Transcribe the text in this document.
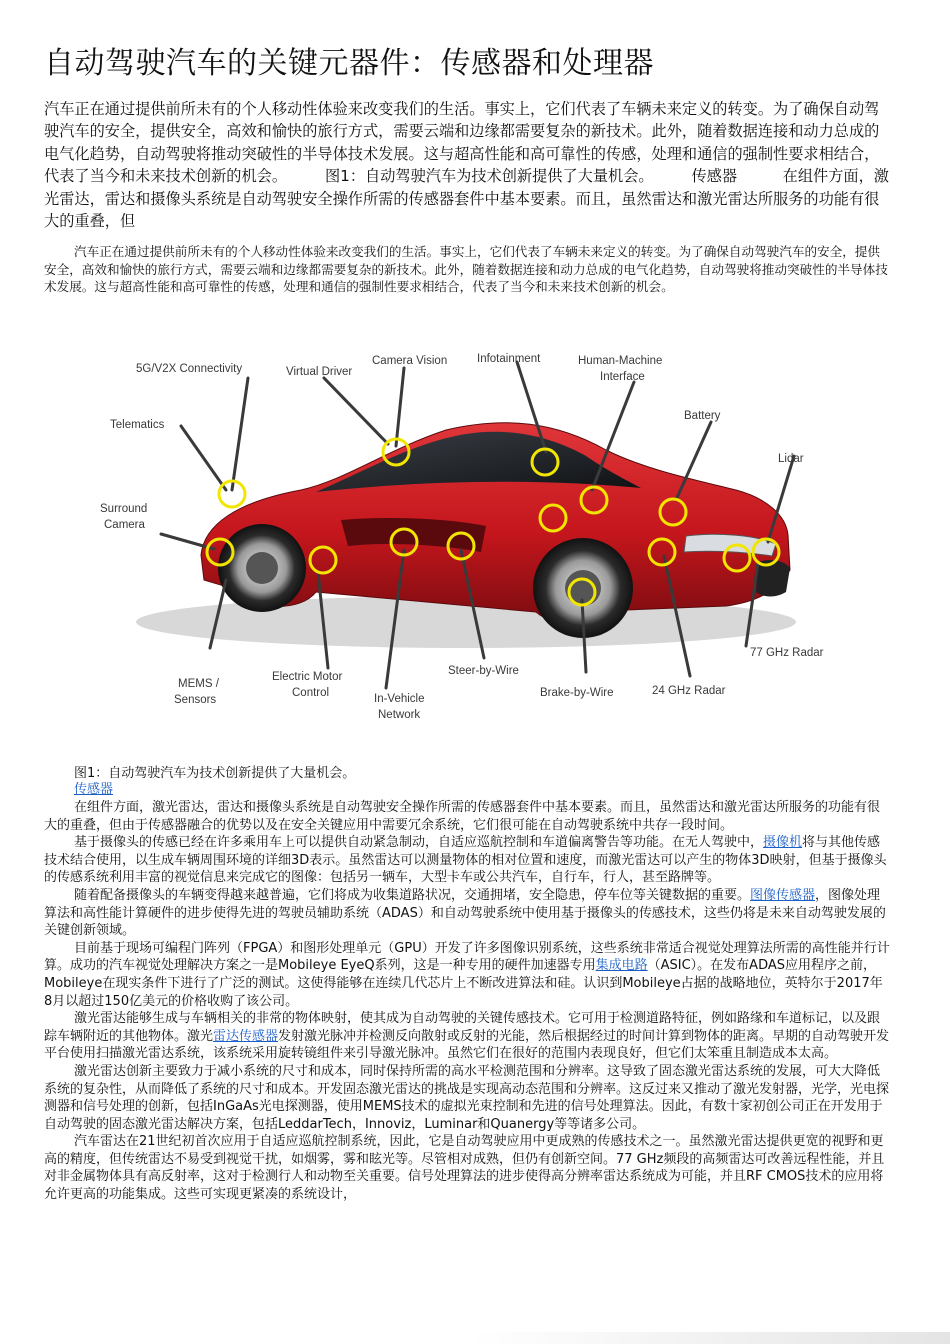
自动驾驶汽车的关键元器件：传感器和处理器

汽车正在通过提供前所未有的个人移动性体验来改变我们的生活。事实上，它们代表了车辆未来定义的转变。为了确保自动驾驶汽车的安全，提供安全，高效和愉快的旅行方式，需要云端和边缘都需要复杂的新技术。此外，随着数据连接和动力总成的电气化趋势，自动驾驶将推动突破性的半导体技术发展。这与超高性能和高可靠性的传感，处理和通信的强制性要求相结合，代表了当今和未来技术创新的机会。　　　图1：自动驾驶汽车为技术创新提供了大量机会。　　　传感器　　　在组件方面，激光雷达，雷达和摄像头系统是自动驾驶安全操作所需的传感器套件中基本要素。而且，虽然雷达和激光雷达所服务的功能有很大的重叠，但

汽车正在通过提供前所未有的个人移动性体验来改变我们的生活。事实上，它们代表了车辆未来定义的转变。为了确保自动驾驶汽车的安全，提供安全，高效和愉快的旅行方式，需要云端和边缘都需要复杂的新技术。此外，随着数据连接和动力总成的电气化趋势，自动驾驶将推动突破性的半导体技术发展。这与超高性能和高可靠性的传感，处理和通信的强制性要求相结合，代表了当今和未来技术创新的机会。

5G/V2X Connectivity	Virtual Driver
Camera Vision	Infotainment	Human-Machine
Interface
Battery
Telematics
Lidar
Surround
Camera
MEMS /
Sensors
Electric Motor
Control
Steer-by-Wire
In-Vehicle
Network
Brake-by-Wire	24 GHz Radar
77 GHz Radar
图1：自动驾驶汽车为技术创新提供了大量机会。
传感器

在组件方面，激光雷达，雷达和摄像头系统是自动驾驶安全操作所需的传感器套件中基本要素。而且，虽然雷达和激光雷达所服务的功能有很大的重叠，但由于传感器融合的优势以及在安全关键应用中需要冗余系统，它们很可能在自动驾驶系统中共存一段时间。

基于摄像头的传感已经在许多乘用车上可以提供自动紧急制动，自适应巡航控制和车道偏离警告等功能。在无人驾驶中，摄像机将与其他传感技术结合使用，以生成车辆周围环境的详细3D表示。虽然雷达可以测量物体的相对位置和速度，而激光雷达可以产生的物体3D映射，但基于摄像头的传感系统利用丰富的视觉信息来完成它的图像：包括另一辆车，大型卡车或公共汽车，自行车，行人，甚至路牌等。

随着配备摄像头的车辆变得越来越普遍，它们将成为收集道路状况，交通拥堵，安全隐患，停车位等关键数据的重要。图像传感器，图像处理算法和高性能计算硬件的进步使得先进的驾驶员辅助系统（ADAS）和自动驾驶系统中使用基于摄像头的传感技术，这些仍将是未来自动驾驶发展的关键创新领域。

目前基于现场可编程门阵列（FPGA）和图形处理单元（GPU）开发了许多图像识别系统，这些系统非常适合视觉处理算法所需的高性能并行计算。成功的汽车视觉处理解决方案之一是Mobileye EyeQ系列，这是一种专用的硬件加速器专用集成电路（ASIC）。在发布ADAS应用程序之前，Mobileye在现实条件下进行了广泛的测试。这使得能够在连续几代芯片上不断改进算法和硅。认识到Mobileye占据的战略地位，英特尔于2017年8月以超过150亿美元的价格收购了该公司。

激光雷达能够生成与车辆相关的非常的物体映射，使其成为自动驾驶的关键传感技术。它可用于检测道路特征，例如路缘和车道标记，以及跟踪车辆附近的其他物体。激光雷达传感器发射激光脉冲并检测反向散射或反射的光能，然后根据经过的时间计算到物体的距离。早期的自动驾驶开发平台使用扫描激光雷达系统，该系统采用旋转镜组件来引导激光脉冲。虽然它们在很好的范围内表现良好，但它们太笨重且制造成本太高。

激光雷达创新主要致力于减小系统的尺寸和成本，同时保持所需的高水平检测范围和分辨率。这导致了固态激光雷达系统的发展，可大大降低系统的复杂性，从而降低了系统的尺寸和成本。开发固态激光雷达的挑战是实现高动态范围和分辨率。这反过来又推动了激光发射器，光学，光电探测器和信号处理的创新，包括InGaAs光电探测器，使用MEMS技术的虚拟光束控制和先进的信号处理算法。因此，有数十家初创公司正在开发用于自动驾驶的固态激光雷达解决方案，包括LeddarTech，Innoviz，Luminar和Quanergy等等诸多公司。

汽车雷达在21世纪初首次应用于自适应巡航控制系统，因此，它是自动驾驶应用中更成熟的传感技术之一。虽然激光雷达提供更宽的视野和更高的精度，但传统雷达不易受到视觉干扰，如烟雾，雾和眩光等。尽管相对成熟，但仍有创新空间。77 GHz频段的高频雷达可改善远程性能，并且对非金属物体具有高反射率，这对于检测行人和动物至关重要。信号处理算法的进步使得高分辨率雷达系统成为可能，并且RF CMOS技术的应用将允许更高的功能集成。这些可实现更紧凑的系统设计，
